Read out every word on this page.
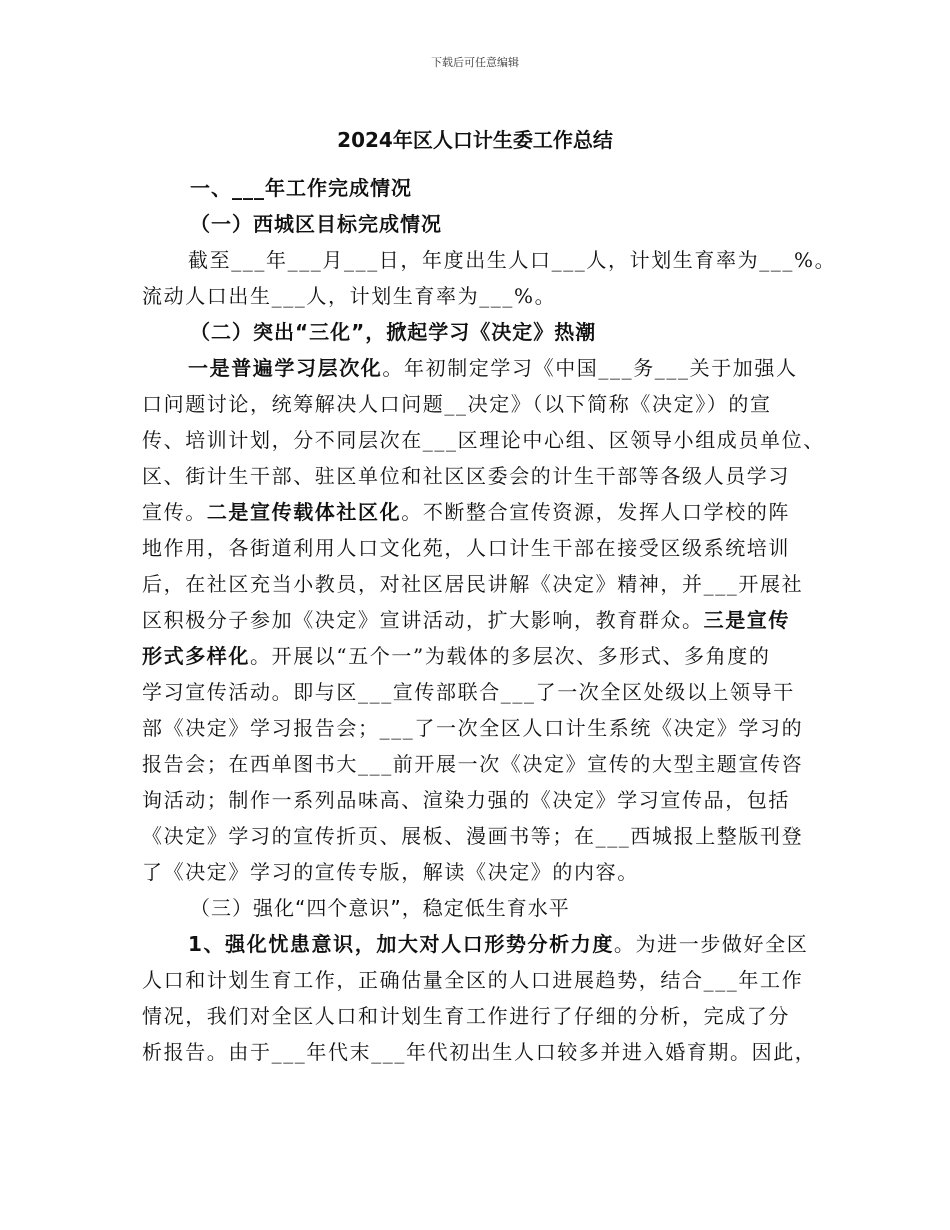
下载后可任意编辑
2024年区人口计生委工作总结
一、___年工作完成情况
（一）西城区目标完成情况
截至___年___月___日，年度出生人口___人，计划生育率为___%。
流动人口出生___人，计划生育率为___%。
（二）突出“三化”，掀起学习《决定》热潮
一是普遍学习层次化。年初制定学习《中国___务___关于加强人
口问题讨论，统筹解决人口问题__决定》（以下简称《决定》）的宣
传、培训计划，分不同层次在___区理论中心组、区领导小组成员单位、
区、街计生干部、驻区单位和社区区委会的计生干部等各级人员学习
宣传。二是宣传载体社区化。不断整合宣传资源，发挥人口学校的阵
地作用，各街道利用人口文化苑，人口计生干部在接受区级系统培训
后，在社区充当小教员，对社区居民讲解《决定》精神，并___开展社
区积极分子参加《决定》宣讲活动，扩大影响，教育群众。三是宣传
形式多样化。开展以“五个一”为载体的多层次、多形式、多角度的
学习宣传活动。即与区___宣传部联合___了一次全区处级以上领导干
部《决定》学习报告会；___了一次全区人口计生系统《决定》学习的
报告会；在西单图书大___前开展一次《决定》宣传的大型主题宣传咨
询活动；制作一系列品味高、渲染力强的《决定》学习宣传品，包括
《决定》学习的宣传折页、展板、漫画书等；在___西城报上整版刊登
了《决定》学习的宣传专版，解读《决定》的内容。
（三）强化“四个意识”，稳定低生育水平
1、强化忧患意识，加大对人口形势分析力度。为进一步做好全区
人口和计划生育工作，正确估量全区的人口进展趋势，结合___年工作
情况，我们对全区人口和计划生育工作进行了仔细的分析，完成了分
析报告。由于___年代末___年代初出生人口较多并进入婚育期。因此，
